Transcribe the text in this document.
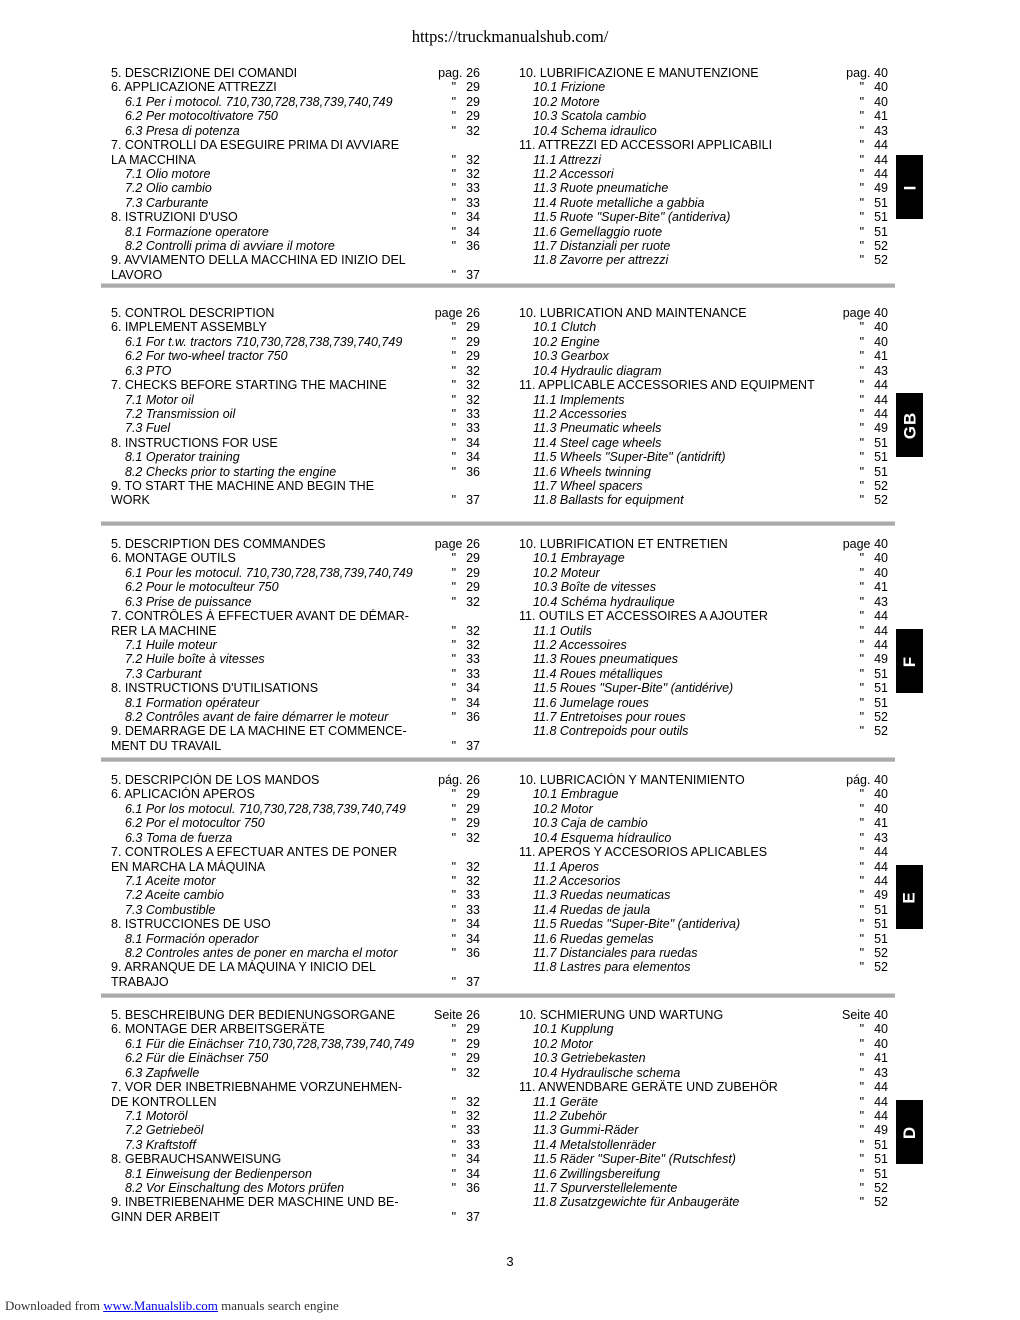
https://truckmanualshub.com/
5. DESCRIZIONE DEI COMANDI	pag. 26
6. APPLICAZIONE ATTREZZI	" 29
6.1 Per i motocol. 710,730,728,738,739,740,749	" 29
6.2 Per motocoltivatore 750	" 29
6.3 Presa di potenza	" 32
7. CONTROLLI DA ESEGUIRE PRIMA DI AVVIARE
LA MACCHINA	" 32
7.1 Olio motore	" 32
7.2 Olio cambio	" 33
7.3 Carburante	" 33
8. ISTRUZIONI D'USO	" 34
8.1 Formazione operatore	" 34
8.2 Controlli prima di avviare il motore	" 36
9. AVVIAMENTO DELLA MACCHINA ED INIZIO DEL
LAVORO	" 37
10. LUBRIFICAZIONE E MANUTENZIONE	pag. 40
10.1 Frizione	" 40
10.2 Motore	" 40
10.3 Scatola cambio	" 41
10.4 Schema idraulico	" 43
11. ATTREZZI ED ACCESSORI APPLICABILI	" 44
11.1 Attrezzi	" 44
11.2 Accessori	" 44
11.3 Ruote pneumatiche	" 49
11.4 Ruote metalliche a gabbia	" 51
11.5 Ruote "Super-Bite" (antideriva)	" 51
11.6 Gemellaggio ruote	" 51
11.7 Distanziali per ruote	" 52
11.8 Zavorre per attrezzi	" 52
I
5. CONTROL DESCRIPTION	page 26
6. IMPLEMENT ASSEMBLY	" 29
6.1 For t.w. tractors 710,730,728,738,739,740,749	" 29
6.2 For two-wheel tractor 750	" 29
6.3 PTO	" 32
7. CHECKS BEFORE STARTING THE MACHINE	" 32
7.1 Motor oil	" 32
7.2 Transmission oil	" 33
7.3 Fuel	" 33
8. INSTRUCTIONS FOR USE	" 34
8.1 Operator training	" 34
8.2 Checks prior to starting the engine	" 36
9. TO START THE MACHINE AND BEGIN THE
WORK	" 37
10. LUBRICATION AND MAINTENANCE	page 40
10.1 Clutch	" 40
10.2 Engine	" 40
10.3 Gearbox	" 41
10.4 Hydraulic diagram	" 43
11. APPLICABLE ACCESSORIES AND EQUIPMENT	" 44
11.1 Implements	" 44
11.2 Accessories	" 44
11.3 Pneumatic wheels	" 49
11.4 Steel cage wheels	" 51
11.5 Wheels "Super-Bite" (antidrift)	" 51
11.6 Wheels twinning	" 51
11.7 Wheel spacers	" 52
11.8 Ballasts for equipment	" 52
GB
5. DESCRIPTION DES COMMANDES	page 26
6. MONTAGE OUTILS	" 29
6.1 Pour les motocul. 710,730,728,738,739,740,749	" 29
6.2 Pour le motoculteur 750	" 29
6.3 Prise de puissance	" 32
7. CONTRÔLES À EFFECTUER AVANT DE DÉMAR-
RER LA MACHINE	" 32
7.1 Huile moteur	" 32
7.2 Huile boîte à vitesses	" 33
7.3 Carburant	" 33
8. INSTRUCTIONS D'UTILISATIONS	" 34
8.1 Formation opérateur	" 34
8.2 Contrôles avant de faire démarrer le moteur	" 36
9. DEMARRAGE DE LA MACHINE ET COMMENCE-
MENT DU TRAVAIL	" 37
10. LUBRIFICATION ET ENTRETIEN	page 40
10.1 Embrayage	" 40
10.2 Moteur	" 40
10.3 Boîte de vitesses	" 41
10.4 Schéma hydraulique	" 43
11. OUTILS ET ACCESSOIRES A AJOUTER	" 44
11.1 Outils	" 44
11.2 Accessoires	" 44
11.3 Roues pneumatiques	" 49
11.4 Roues métalliques	" 51
11.5 Roues "Super-Bite" (antidérive)	" 51
11.6 Jumelage roues	" 51
11.7 Entretoises pour roues	" 52
11.8 Contrepoids pour outils	" 52
F
5. DESCRIPCIÓN DE LOS MANDOS	pág. 26
6. APLICACIÓN APEROS	" 29
6.1 Por los motocul. 710,730,728,738,739,740,749	" 29
6.2 Por el motocultor 750	" 29
6.3 Toma de fuerza	" 32
7. CONTROLES A EFECTUAR ANTES DE PONER
EN MARCHA LA MÁQUINA	" 32
7.1 Aceite motor	" 32
7.2 Aceite cambio	" 33
7.3 Combustible	" 33
8. ISTRUCCIONES DE USO	" 34
8.1 Formación operador	" 34
8.2 Controles antes de poner en marcha el motor	" 36
9. ARRANQUE DE LA MÁQUINA Y INICIO DEL
TRABAJO	" 37
10. LUBRICACIÓN Y MANTENIMIENTO	pág. 40
10.1 Embrague	" 40
10.2 Motor	" 40
10.3 Caja de cambio	" 41
10.4 Esquema hídraulico	" 43
11. APEROS Y ACCESORIOS APLICABLES	" 44
11.1 Aperos	" 44
11.2 Accesorios	" 44
11.3 Ruedas neumaticas	" 49
11.4 Ruedas de jaula	" 51
11.5 Ruedas "Super-Bite" (antideriva)	" 51
11.6 Ruedas gemelas	" 51
11.7 Distanciales para ruedas	" 52
11.8 Lastres para elementos	" 52
E
5. BESCHREIBUNG DER BEDIENUNGSORGANE	Seite 26
6. MONTAGE DER ARBEITSGERÄTE	" 29
6.1 Für die Einächser 710,730,728,738,739,740,749	" 29
6.2 Für die Einächser 750	" 29
6.3 Zapfwelle	" 32
7. VOR DER INBETRIEBNAHME VORZUNEHMEN-
DE KONTROLLEN	" 32
7.1 Motoröl	" 32
7.2 Getriebeöl	" 33
7.3 Kraftstoff	" 33
8. GEBRAUCHSANWEISUNG	" 34
8.1 Einweisung der Bedienperson	" 34
8.2 Vor Einschaltung des Motors prüfen	" 36
9. INBETRIEBENAHME DER MASCHINE UND BE-
GINN DER ARBEIT	" 37
10. SCHMIERUNG UND WARTUNG	Seite 40
10.1 Kupplung	" 40
10.2 Motor	" 40
10.3 Getriebekasten	" 41
10.4 Hydraulische schema	" 43
11. ANWENDBARE GERÄTE UND ZUBEHÖR	" 44
11.1 Geräte	" 44
11.2 Zubehör	" 44
11.3 Gummi-Räder	" 49
11.4 Metalstollenräder	" 51
11.5 Räder "Super-Bite" (Rutschfest)	" 51
11.6 Zwillingsbereifung	" 51
11.7 Spurverstellelemente	" 52
11.8 Zusatzgewichte für Anbaugeräte	" 52
D
3
Downloaded from www.Manualslib.com manuals search engine
